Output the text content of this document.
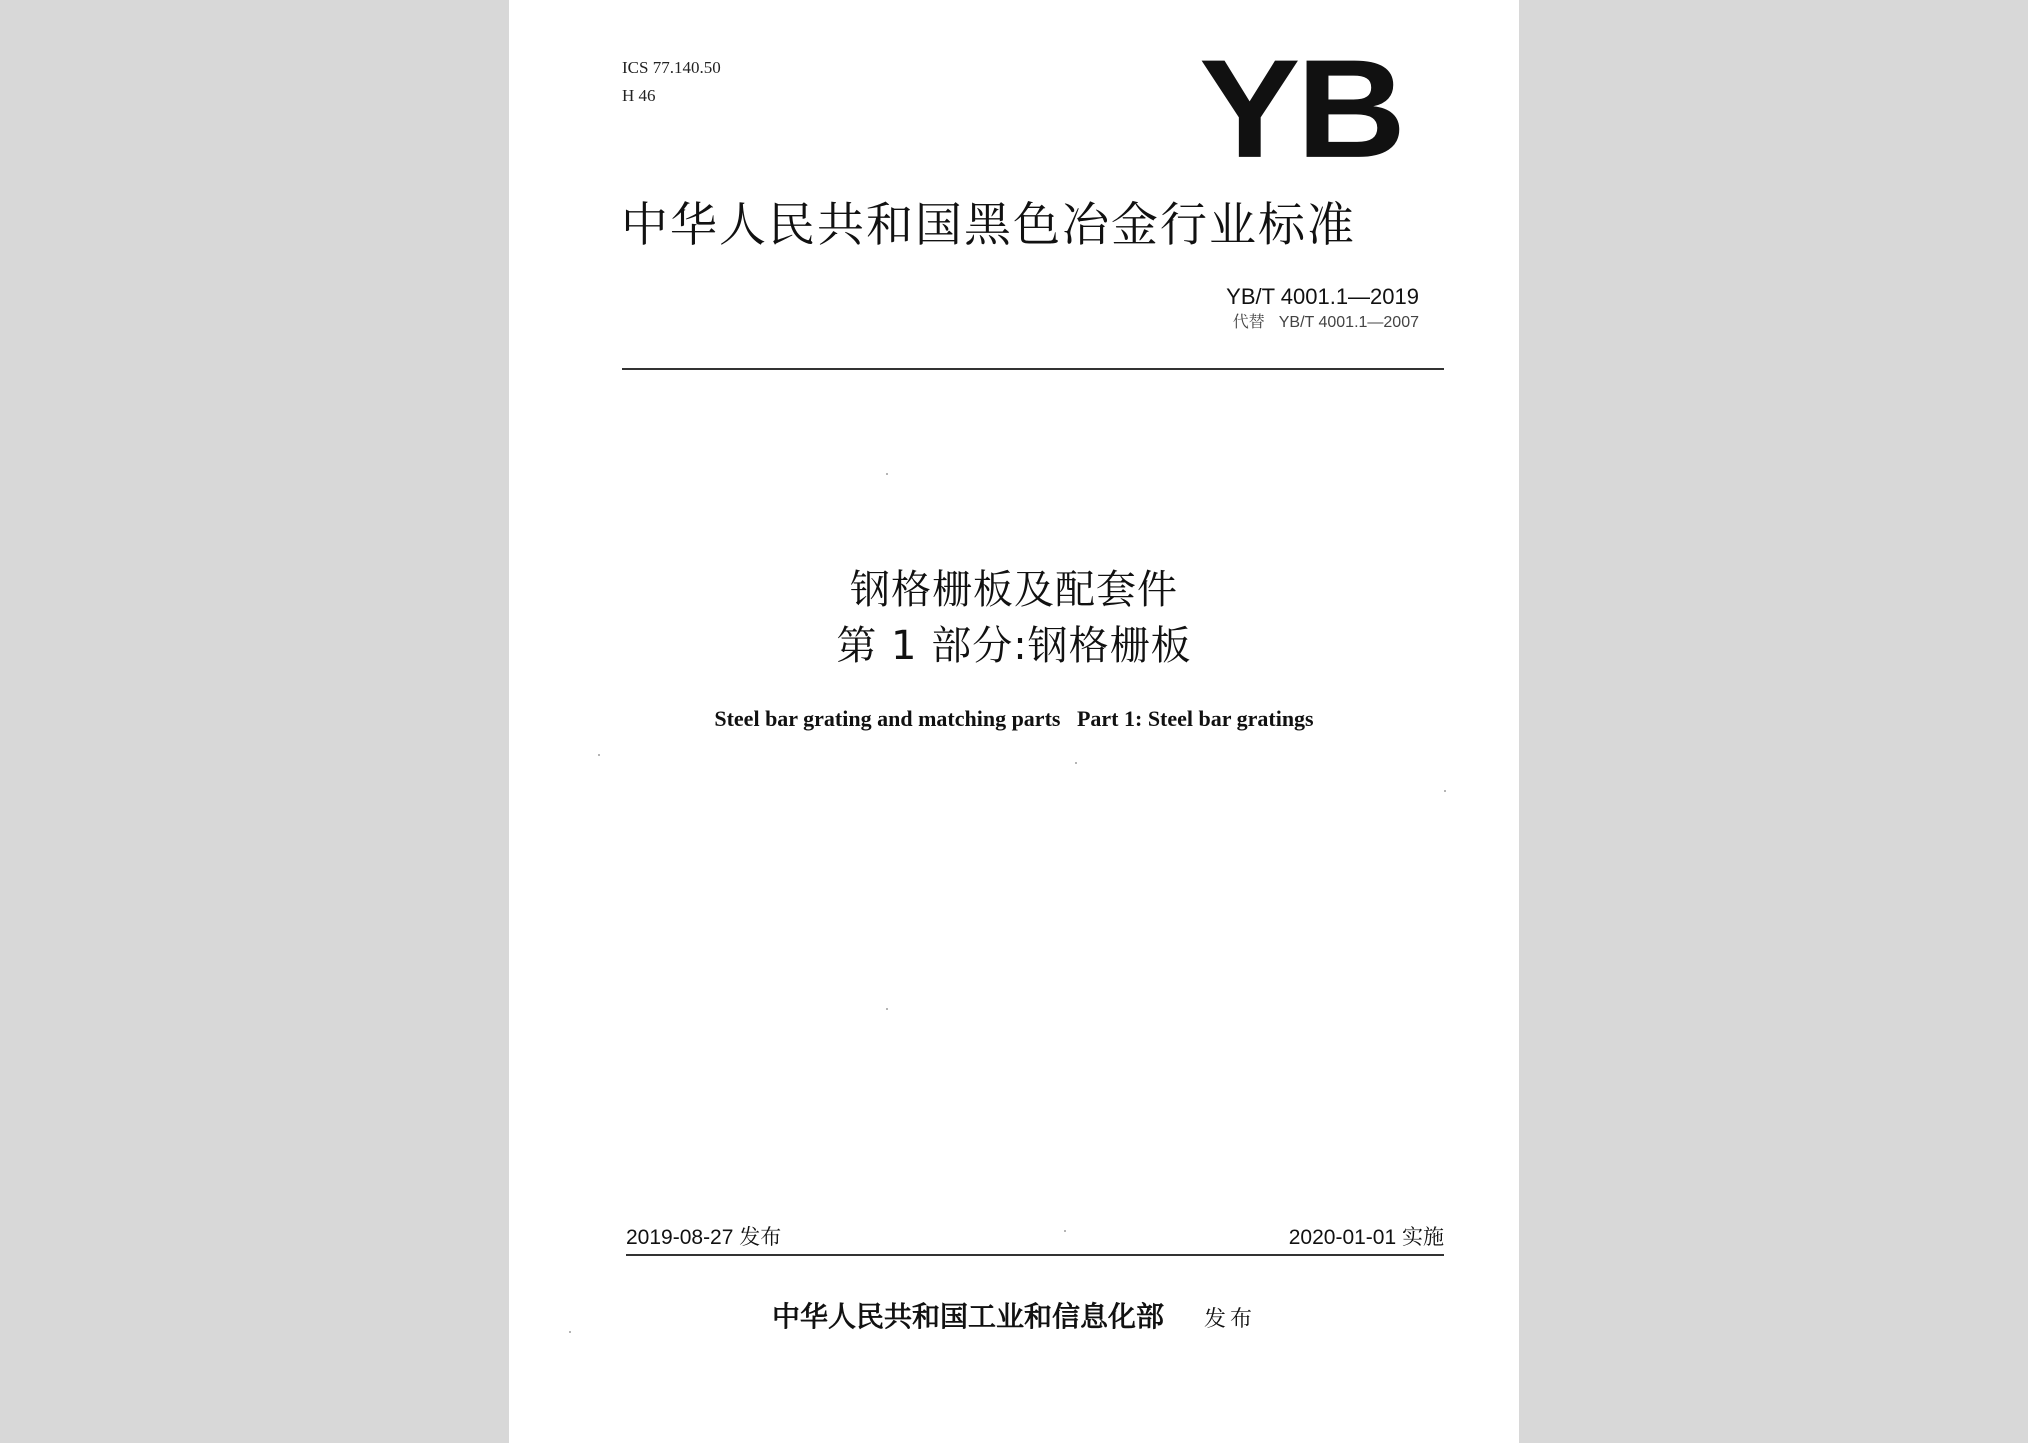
ICS 77.140.50
H 46	YB
中华人民共和国黑色冶金行业标准
YB/T 4001.1—2019
代替 YB/T 4001.1—2007
钢格栅板及配套件
第 1 部分:钢格栅板
Steel bar grating and matching parts   Part 1: Steel bar gratings
2019-08-27 发布	2020-01-01 实施
中华人民共和国工业和信息化部 发布
